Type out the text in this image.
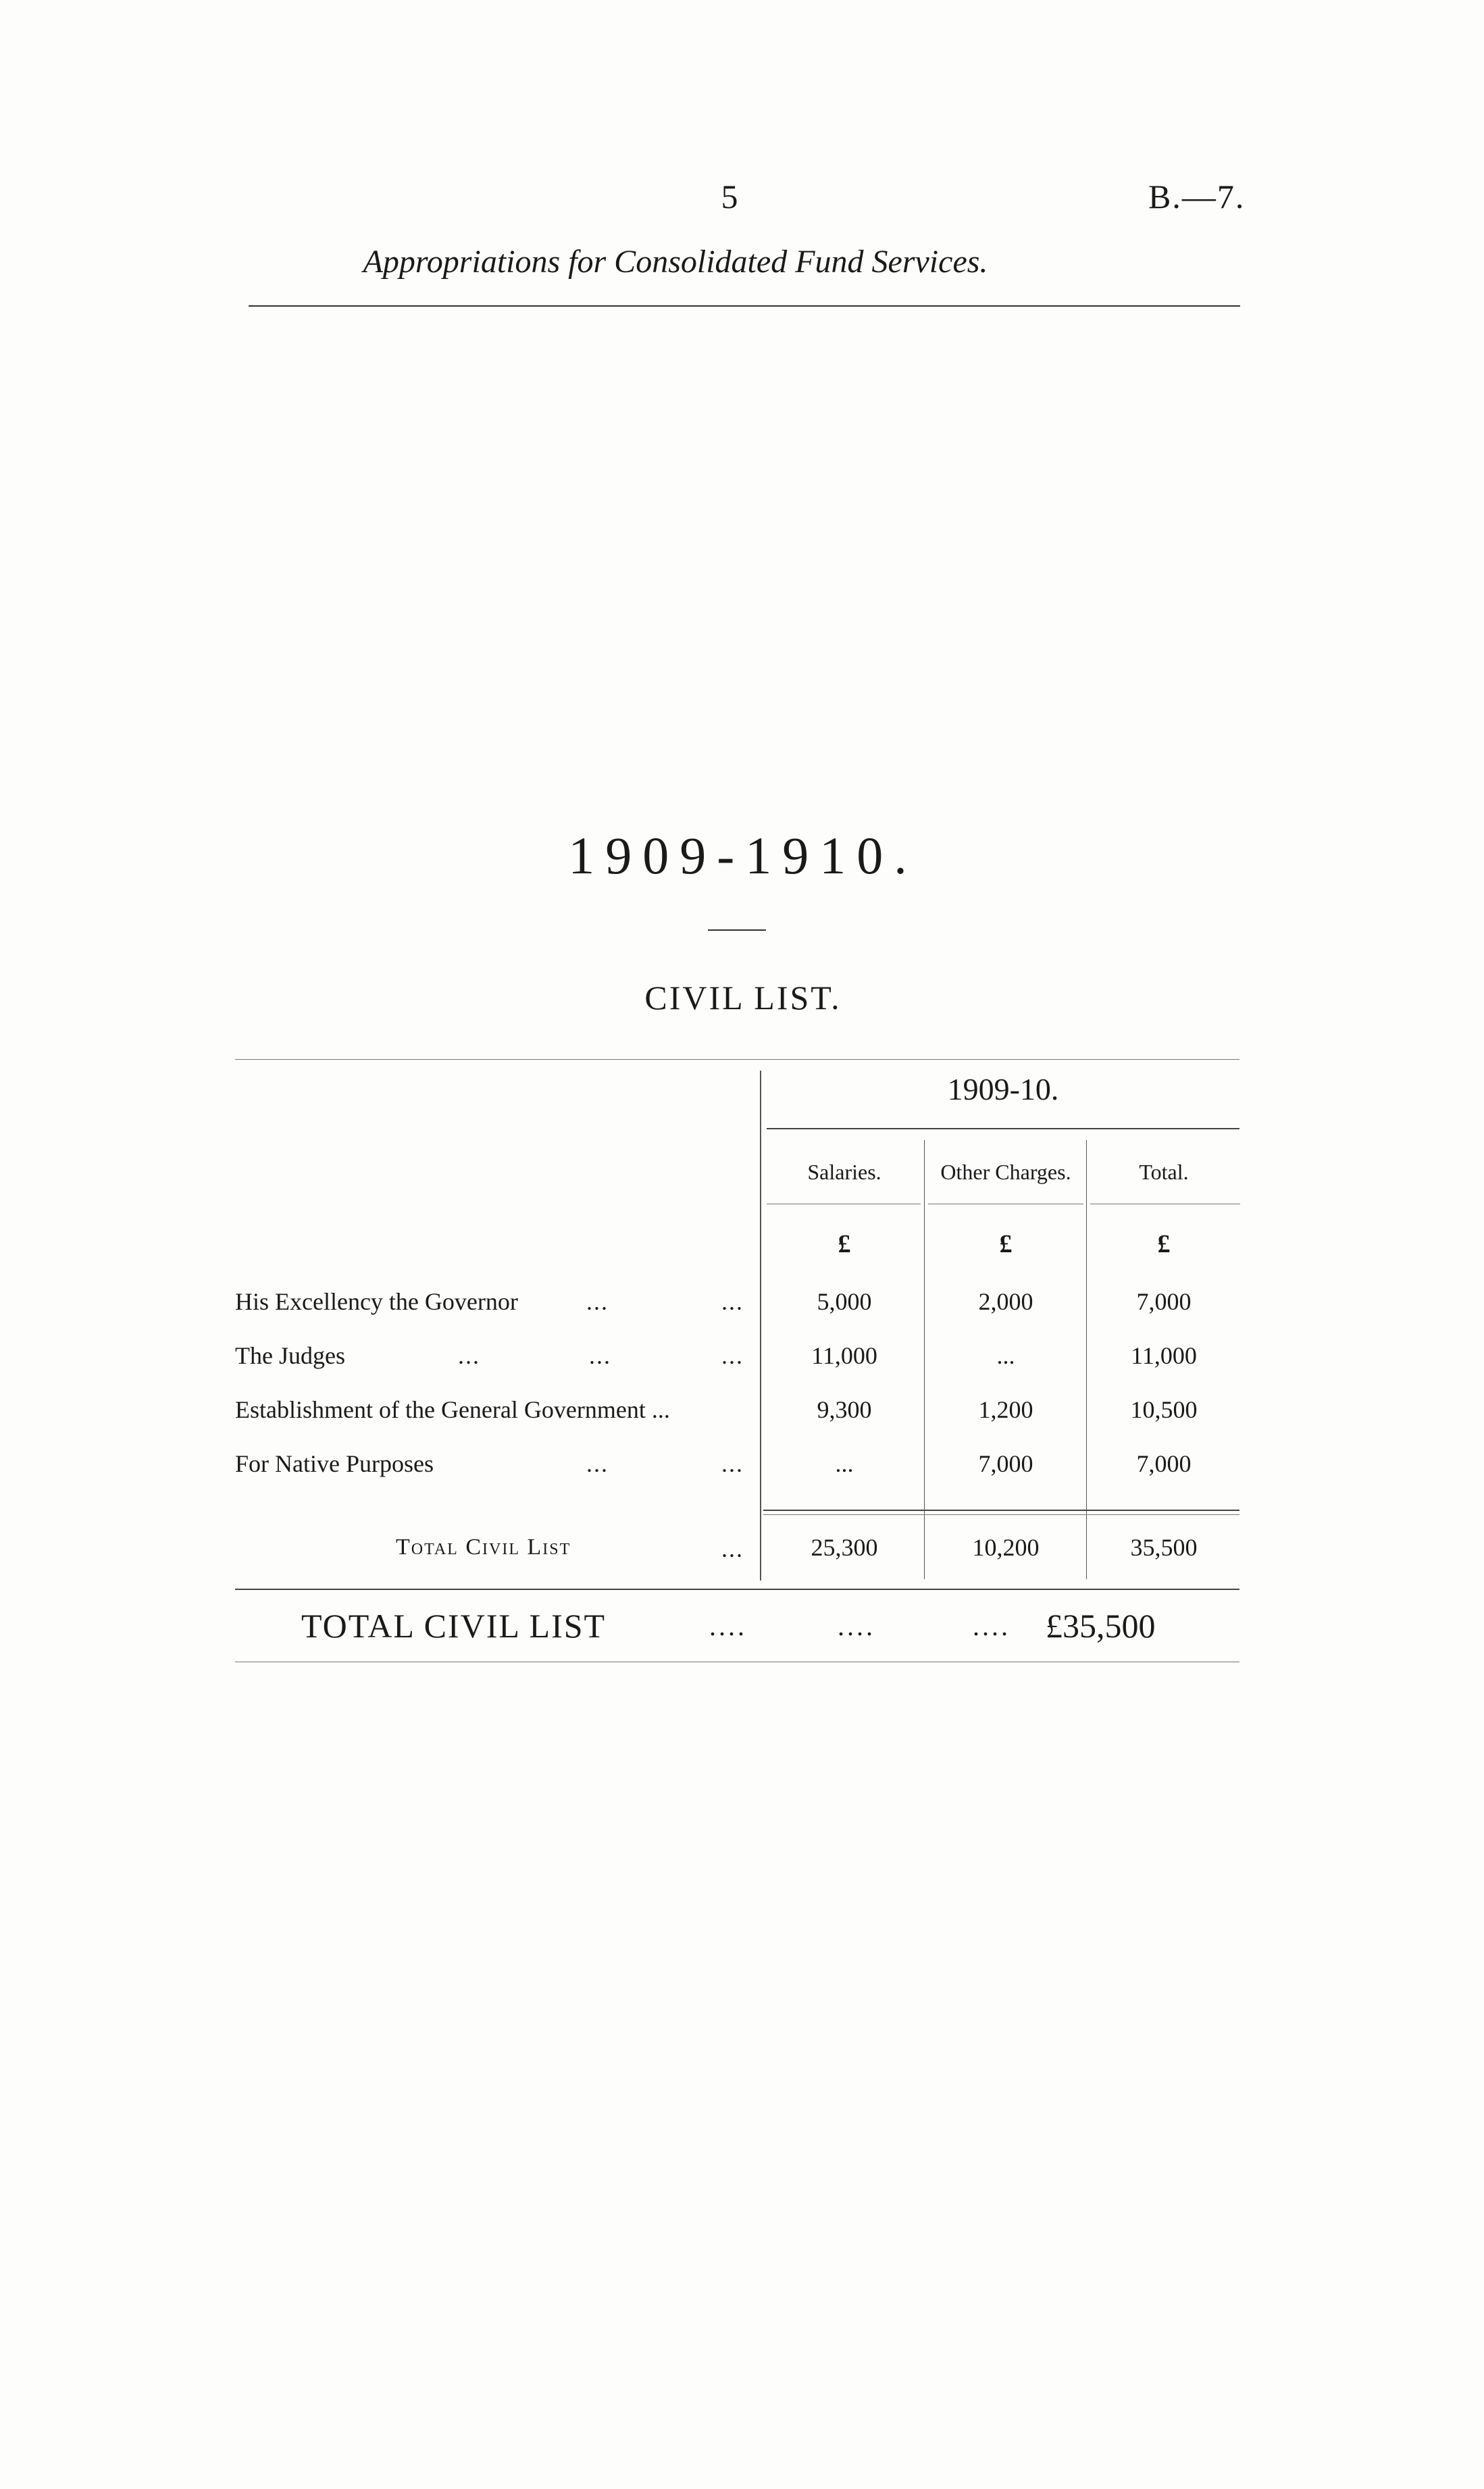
5	B.—7.
Appropriations for Consolidated Fund Services.
1909-1910.
CIVIL LIST.
1909-10.
Salaries.	Other Charges.	Total.
£	£	£
His Excellency the Governor	...	...	5,000	2,000	7,000
The Judges	... ...	...	11,000	...	11,000
Establishment of the General Government ...	9,300	1,200	10,500
For Native Purposes	...	...	...	7,000	7,000
Total Civil List	...	25,300	10,200	35,500
TOTAL CIVIL LIST	....	....	.... £35,500
